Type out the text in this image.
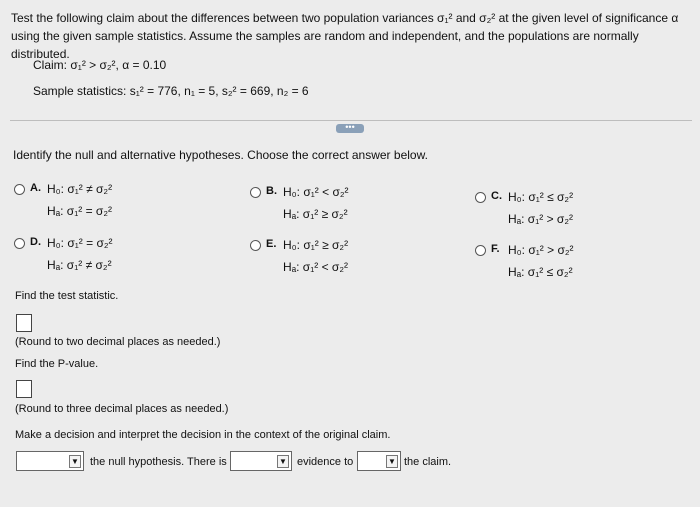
Test the following claim about the differences between two population variances σ₁² and σ₂² at the given level of significance α using the given sample statistics. Assume the samples are random and independent, and the populations are normally distributed.
Claim: σ₁² > σ₂², α = 0.10
Sample statistics: s₁² = 776, n₁ = 5, s₂² = 669, n₂ = 6
•••
Identify the null and alternative hypotheses. Choose the correct answer below.
A. H₀: σ₁² ≠ σ₂²
Hₐ: σ₁² = σ₂²
B. H₀: σ₁² < σ₂²
Hₐ: σ₁² ≥ σ₂²
C. H₀: σ₁² ≤ σ₂²
Hₐ: σ₁² > σ₂²
D. H₀: σ₁² = σ₂²
Hₐ: σ₁² ≠ σ₂²
E. H₀: σ₁² ≥ σ₂²
Hₐ: σ₁² < σ₂²
F. H₀: σ₁² > σ₂²
Hₐ: σ₁² ≤ σ₂²
Find the test statistic.
(Round to two decimal places as needed.)
Find the P-value.
(Round to three decimal places as needed.)
Make a decision and interpret the decision in the context of the original claim.
▼ the null hypothesis. There is	▼ evidence to	▼ the claim.
